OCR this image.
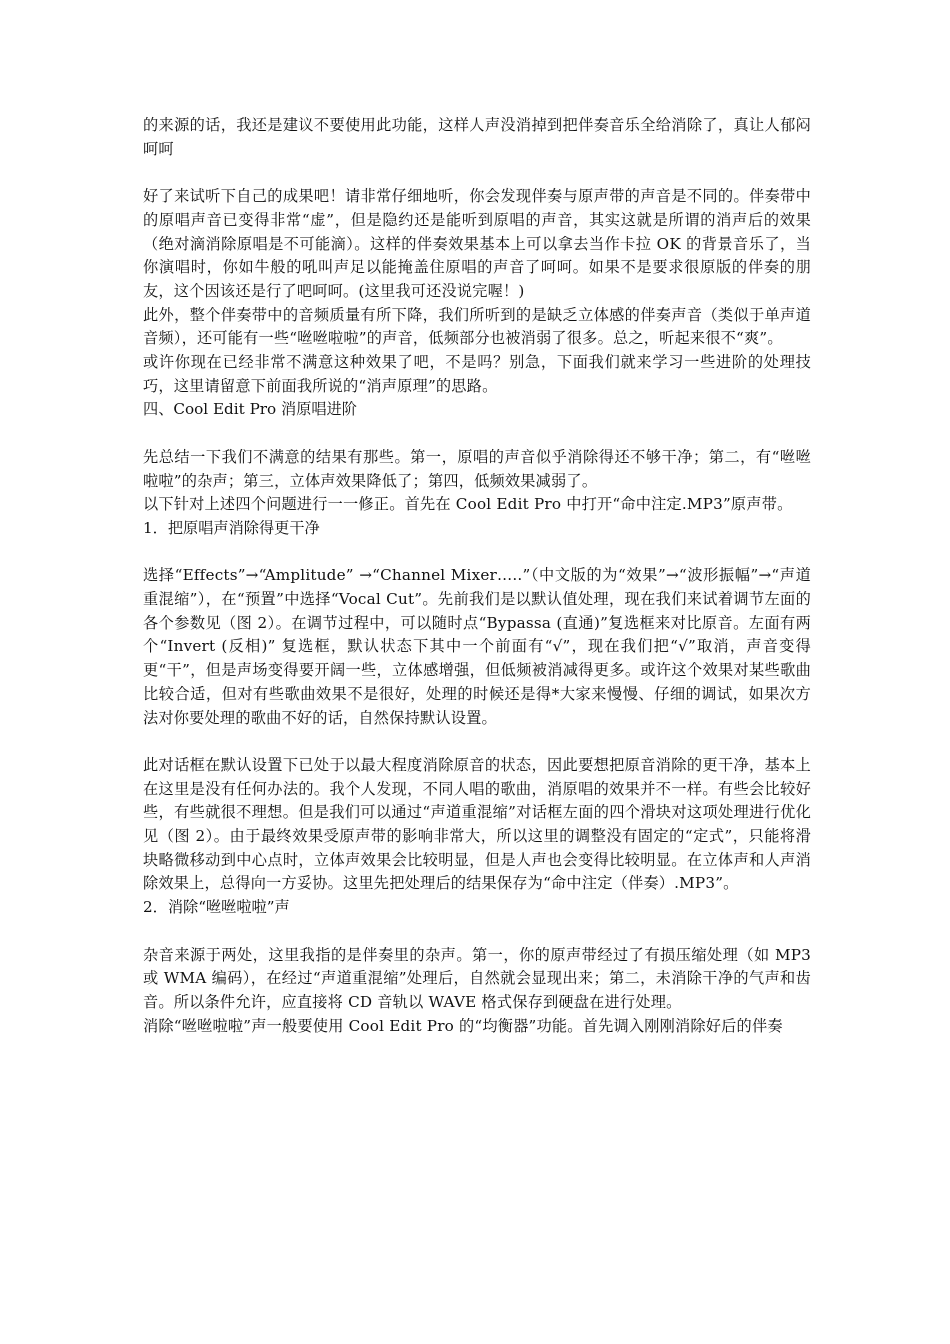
的来源的话，我还是建议不要使用此功能，这样人声没消掉到把伴奏音乐全给消除了，真让人郁闷呵呵

好了来试听下自己的成果吧！请非常仔细地听，你会发现伴奏与原声带的声音是不同的。伴奏带中的原唱声音已变得非常“虚”，但是隐约还是能听到原唱的声音，其实这就是所谓的消声后的效果（绝对滴消除原唱是不可能滴）。这样的伴奏效果基本上可以拿去当作卡拉 OK 的背景音乐了，当你演唱时，你如牛般的吼叫声足以能掩盖住原唱的声音了呵呵。如果不是要求很原版的伴奏的朋友，这个因该还是行了吧呵呵。(这里我可还没说完喔！)

此外，整个伴奏带中的音频质量有所下降，我们所听到的是缺乏立体感的伴奏声音（类似于单声道音频），还可能有一些“咝咝啦啦”的声音，低频部分也被消弱了很多。总之，听起来很不“爽”。

或许你现在已经非常不满意这种效果了吧，不是吗？别急，下面我们就来学习一些进阶的处理技巧，这里请留意下前面我所说的“消声原理”的思路。

四、Cool Edit Pro 消原唱进阶

先总结一下我们不满意的结果有那些。第一，原唱的声音似乎消除得还不够干净；第二，有“咝咝啦啦”的杂声；第三，立体声效果降低了；第四，低频效果减弱了。

以下针对上述四个问题进行一一修正。首先在 Cool Edit Pro 中打开“命中注定.MP3”原声带。

1．把原唱声消除得更干净

选择“Effects”→“Amplitude” →“Channel Mixer…..”（中文版的为“效果”→“波形振幅”→“声道重混缩”），在“预置”中选择“Vocal Cut”。先前我们是以默认值处理，现在我们来试着调节左面的各个参数见（图 2）。在调节过程中，可以随时点“Bypassa (直通)”复选框来对比原音。左面有两个“Invert (反相)” 复选框，默认状态下其中一个前面有“√”，现在我们把“√”取消，声音变得更“干”，但是声场变得要开阔一些，立体感增强，但低频被消减得更多。或许这个效果对某些歌曲比较合适，但对有些歌曲效果不是很好，处理的时候还是得*大家来慢慢、仔细的调试，如果次方法对你要处理的歌曲不好的话，自然保持默认设置。

此对话框在默认设置下已处于以最大程度消除原音的状态，因此要想把原音消除的更干净，基本上在这里是没有任何办法的。我个人发现，不同人唱的歌曲，消原唱的效果并不一样。有些会比较好些，有些就很不理想。但是我们可以通过“声道重混缩”对话框左面的四个滑块对这项处理进行优化 见（图 2）。由于最终效果受原声带的影响非常大，所以这里的调整没有固定的“定式”，只能将滑块略微移动到中心点时，立体声效果会比较明显，但是人声也会变得比较明显。在立体声和人声消除效果上，总得向一方妥协。这里先把处理后的结果保存为“命中注定（伴奏）.MP3”。

2．消除“咝咝啦啦”声

杂音来源于两处，这里我指的是伴奏里的杂声。第一，你的原声带经过了有损压缩处理（如 MP3 或 WMA 编码），在经过“声道重混缩”处理后，自然就会显现出来；第二，未消除干净的气声和齿音。所以条件允许，应直接将 CD 音轨以 WAVE 格式保存到硬盘在进行处理。

消除“咝咝啦啦”声一般要使用 Cool Edit Pro 的“均衡器”功能。首先调入刚刚消除好后的伴奏
